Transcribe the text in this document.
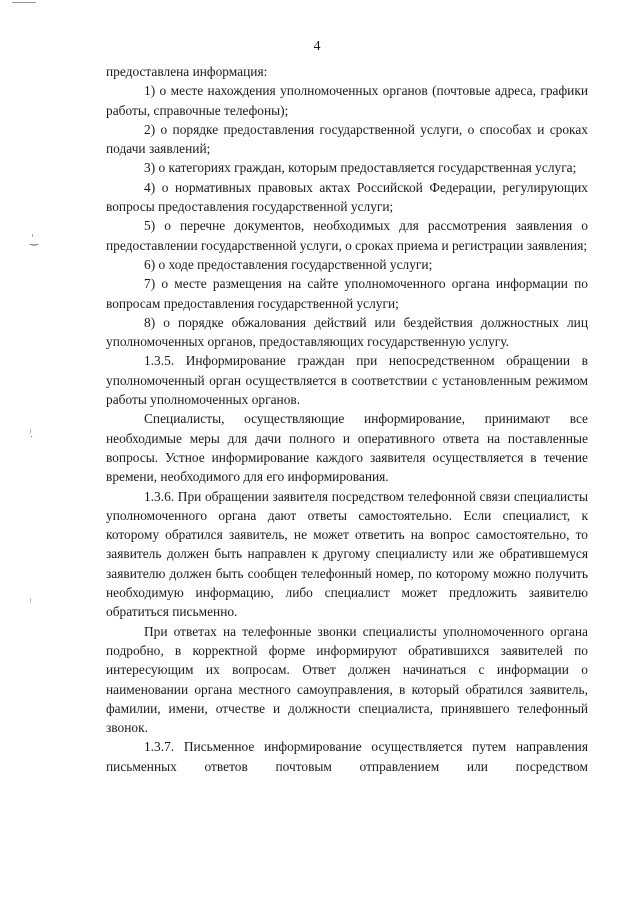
ٰ‿
ᵎ̣
ᵎ
4

предоставлена информация:

1) о месте нахождения уполномоченных органов (почтовые адреса, графики работы, справочные телефоны);

2) о порядке предоставления государственной услуги, о способах и сроках подачи заявлений;

3) о категориях граждан, которым предоставляется государственная услуга;

4) о нормативных правовых актах Российской Федерации, регулирующих вопросы предоставления государственной услуги;

5) о перечне документов, необходимых для рассмотрения заявления о предоставлении государственной услуги, о сроках приема и регистрации заявления;

6) о ходе предоставления государственной услуги;

7) о месте размещения на сайте уполномоченного органа информации по вопросам предоставления государственной услуги;

8) о порядке обжалования действий или бездействия должностных лиц уполномоченных органов, предоставляющих государственную услугу.

1.3.5. Информирование граждан при непосредственном обращении в уполномоченный орган осуществляется в соответствии с установленным режимом работы уполномоченных органов.

Специалисты, осуществляющие информирование, принимают все необходимые меры для дачи полного и оперативного ответа на поставленные вопросы. Устное информирование каждого заявителя осуществляется в течение времени, необходимого для его информирования.

1.3.6. При обращении заявителя посредством телефонной связи специалисты уполномоченного органа дают ответы самостоятельно. Если специалист, к которому обратился заявитель, не может ответить на вопрос самостоятельно, то заявитель должен быть направлен к другому специалисту или же обратившемуся заявителю должен быть сообщен телефонный номер, по которому можно получить необходимую информацию, либо специалист может предложить заявителю обратиться письменно.

При ответах на телефонные звонки специалисты уполномоченного органа подробно, в корректной форме информируют обратившихся заявителей по интересующим их вопросам. Ответ должен начинаться с информации о наименовании органа местного самоуправления, в который обратился заявитель, фамилии, имени, отчестве и должности специалиста, принявшего телефонный звонок.

1.3.7. Письменное информирование осуществляется путем направления письменных ответов почтовым отправлением или посредством
